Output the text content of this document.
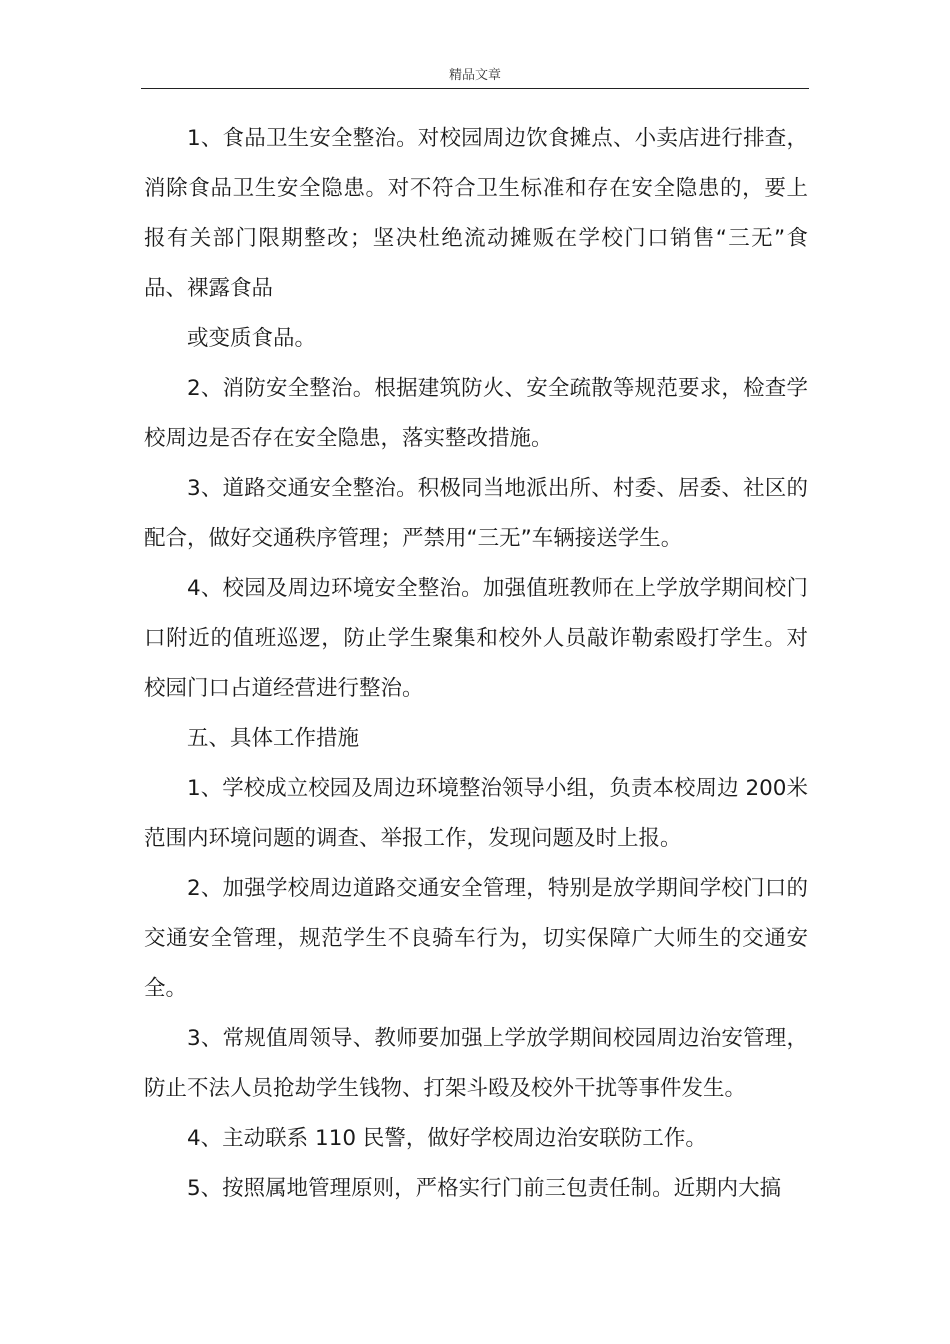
精品文章

1、食品卫生安全整治。对校园周边饮食摊点、小卖店进行排查，消除食品卫生安全隐患。对不符合卫生标准和存在安全隐患的，要上报有关部门限期整改；坚决杜绝流动摊贩在学校门口销售“三无”食品、裸露食品

或变质食品。

2、消防安全整治。根据建筑防火、安全疏散等规范要求，检查学校周边是否存在安全隐患，落实整改措施。

3、道路交通安全整治。积极同当地派出所、村委、居委、社区的配合，做好交通秩序管理；严禁用“三无”车辆接送学生。

4、校园及周边环境安全整治。加强值班教师在上学放学期间校门口附近的值班巡逻，防止学生聚集和校外人员敲诈勒索殴打学生。对校园门口占道经营进行整治。

五、具体工作措施

1、学校成立校园及周边环境整治领导小组，负责本校周边 200米范围内环境问题的调查、举报工作，发现问题及时上报。

2、加强学校周边道路交通安全管理，特别是放学期间学校门口的交通安全管理，规范学生不良骑车行为，切实保障广大师生的交通安全。

3、常规值周领导、教师要加强上学放学期间校园周边治安管理，防止不法人员抢劫学生钱物、打架斗殴及校外干扰等事件发生。

4、主动联系 110 民警，做好学校周边治安联防工作。

5、按照属地管理原则，严格实行门前三包责任制。近期内大搞
